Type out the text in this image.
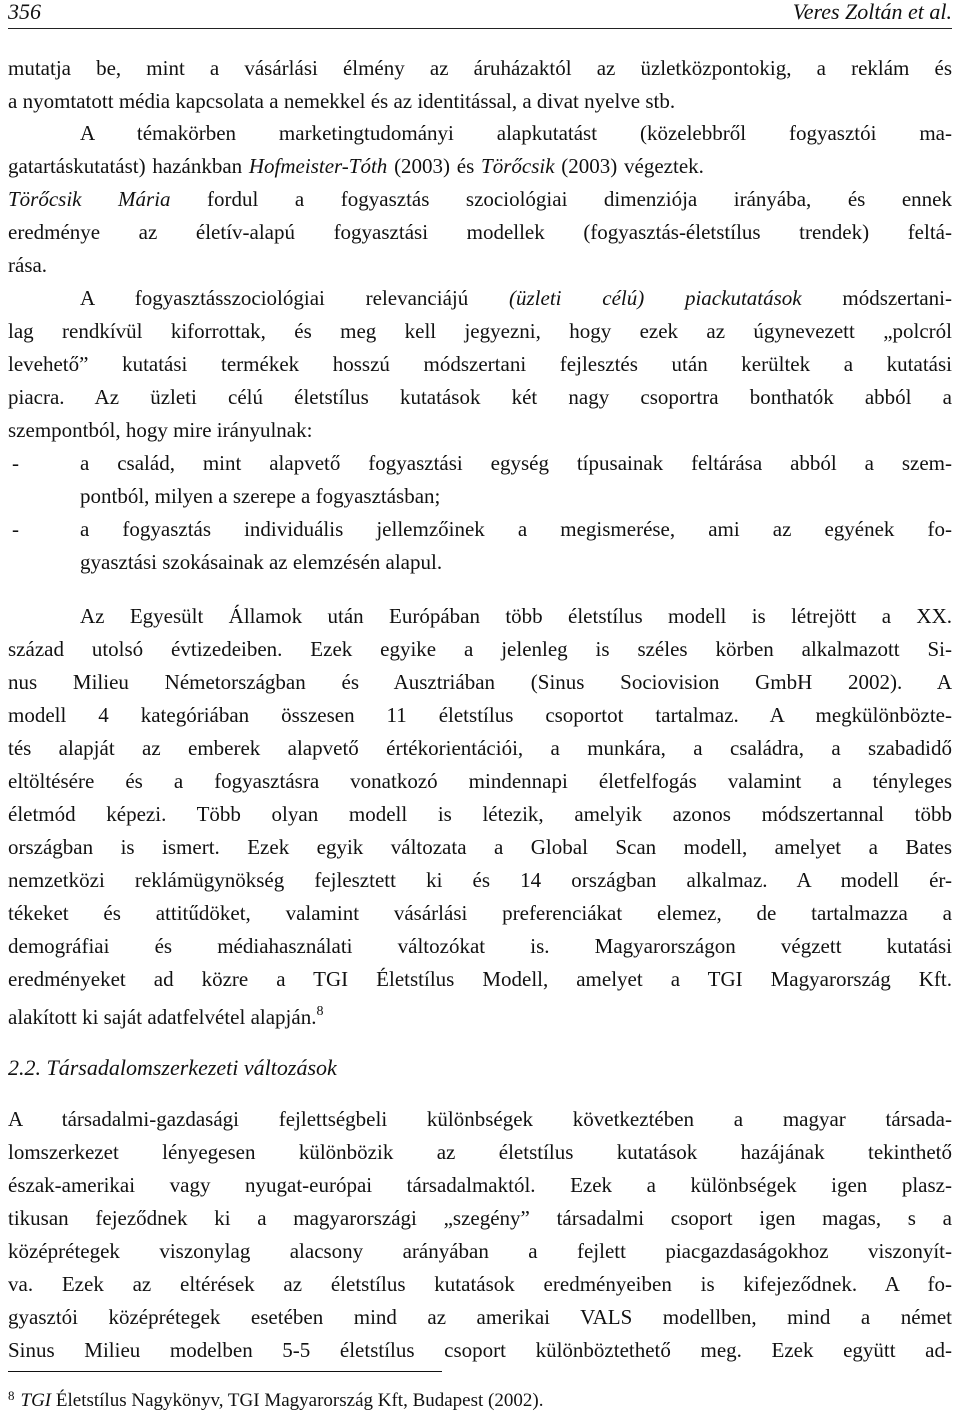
356	Veres Zoltán et al.
mutatja be, mint a vásárlási élmény az áruházaktól az üzletközpontokig, a reklám és
a nyomtatott média kapcsolata a nemekkel és az identitással, a divat nyelve stb.
A témakörben marketingtudományi alapkutatást (közelebbről fogyasztói ma-
gatartáskutatást) hazánkban Hofmeister-Tóth (2003) és Törőcsik (2003) végeztek.
Törőcsik Mária fordul a fogyasztás szociológiai dimenziója irányába, és ennek
eredménye az életív-alapú fogyasztási modellek (fogyasztás-életstílus trendek) feltá-
rása.
A fogyasztásszociológiai relevanciájú (üzleti célú) piackutatások módszertani-
lag rendkívül kiforrottak, és meg kell jegyezni, hogy ezek az úgynevezett „polcról
levehető” kutatási termékek hosszú módszertani fejlesztés után kerültek a kutatási
piacra. Az üzleti célú életstílus kutatások két nagy csoportra bonthatók abból a
szempontból, hogy mire irányulnak:
-	a család, mint alapvető fogyasztási egység típusainak feltárása abból a szem-
pontból, milyen a szerepe a fogyasztásban;
-	a fogyasztás individuális jellemzőinek a megismerése, ami az egyének fo-
gyasztási szokásainak az elemzésén alapul.
Az Egyesült Államok után Európában több életstílus modell is létrejött a XX.
század utolsó évtizedeiben. Ezek egyike a jelenleg is széles körben alkalmazott Si-
nus Milieu Németországban és Ausztriában (Sinus Sociovision GmbH 2002). A
modell 4 kategóriában összesen 11 életstílus csoportot tartalmaz. A megkülönbözte-
tés alapját az emberek alapvető értékorientációi, a munkára, a családra, a szabadidő
eltöltésére és a fogyasztásra vonatkozó mindennapi életfelfogás valamint a tényleges
életmód képezi. Több olyan modell is létezik, amelyik azonos módszertannal több
országban is ismert. Ezek egyik változata a Global Scan modell, amelyet a Bates
nemzetközi reklámügynökség fejlesztett ki és 14 országban alkalmaz. A modell ér-
tékeket és attitűdöket, valamint vásárlási preferenciákat elemez, de tartalmazza a
demográfiai és médiahasználati változókat is. Magyarországon végzett kutatási
eredményeket ad közre a TGI Életstílus Modell, amelyet a TGI Magyarország Kft.
alakított ki saját adatfelvétel alapján.$^8$
2.2. Társadalomszerkezeti változások
A társadalmi-gazdasági fejlettségbeli különbségek következtében a magyar társada-
lomszerkezet lényegesen különbözik az életstílus kutatások hazájának tekinthető
észak-amerikai vagy nyugat-európai társadalmaktól. Ezek a különbségek igen plasz-
tikusan fejeződnek ki a magyarországi „szegény” társadalmi csoport igen magas, s a
középrétegek viszonylag alacsony arányában a fejlett piacgazdaságokhoz viszonyít-
va. Ezek az eltérések az életstílus kutatások eredményeiben is kifejeződnek. A fo-
gyasztói középrétegek esetében mind az amerikai VALS modellben, mind a német
Sinus Milieu modelben 5-5 életstílus csoport különböztethető meg. Ezek együtt ad-
$^8$ TGI Életstílus Nagykönyv, TGI Magyarország Kft, Budapest (2002).
